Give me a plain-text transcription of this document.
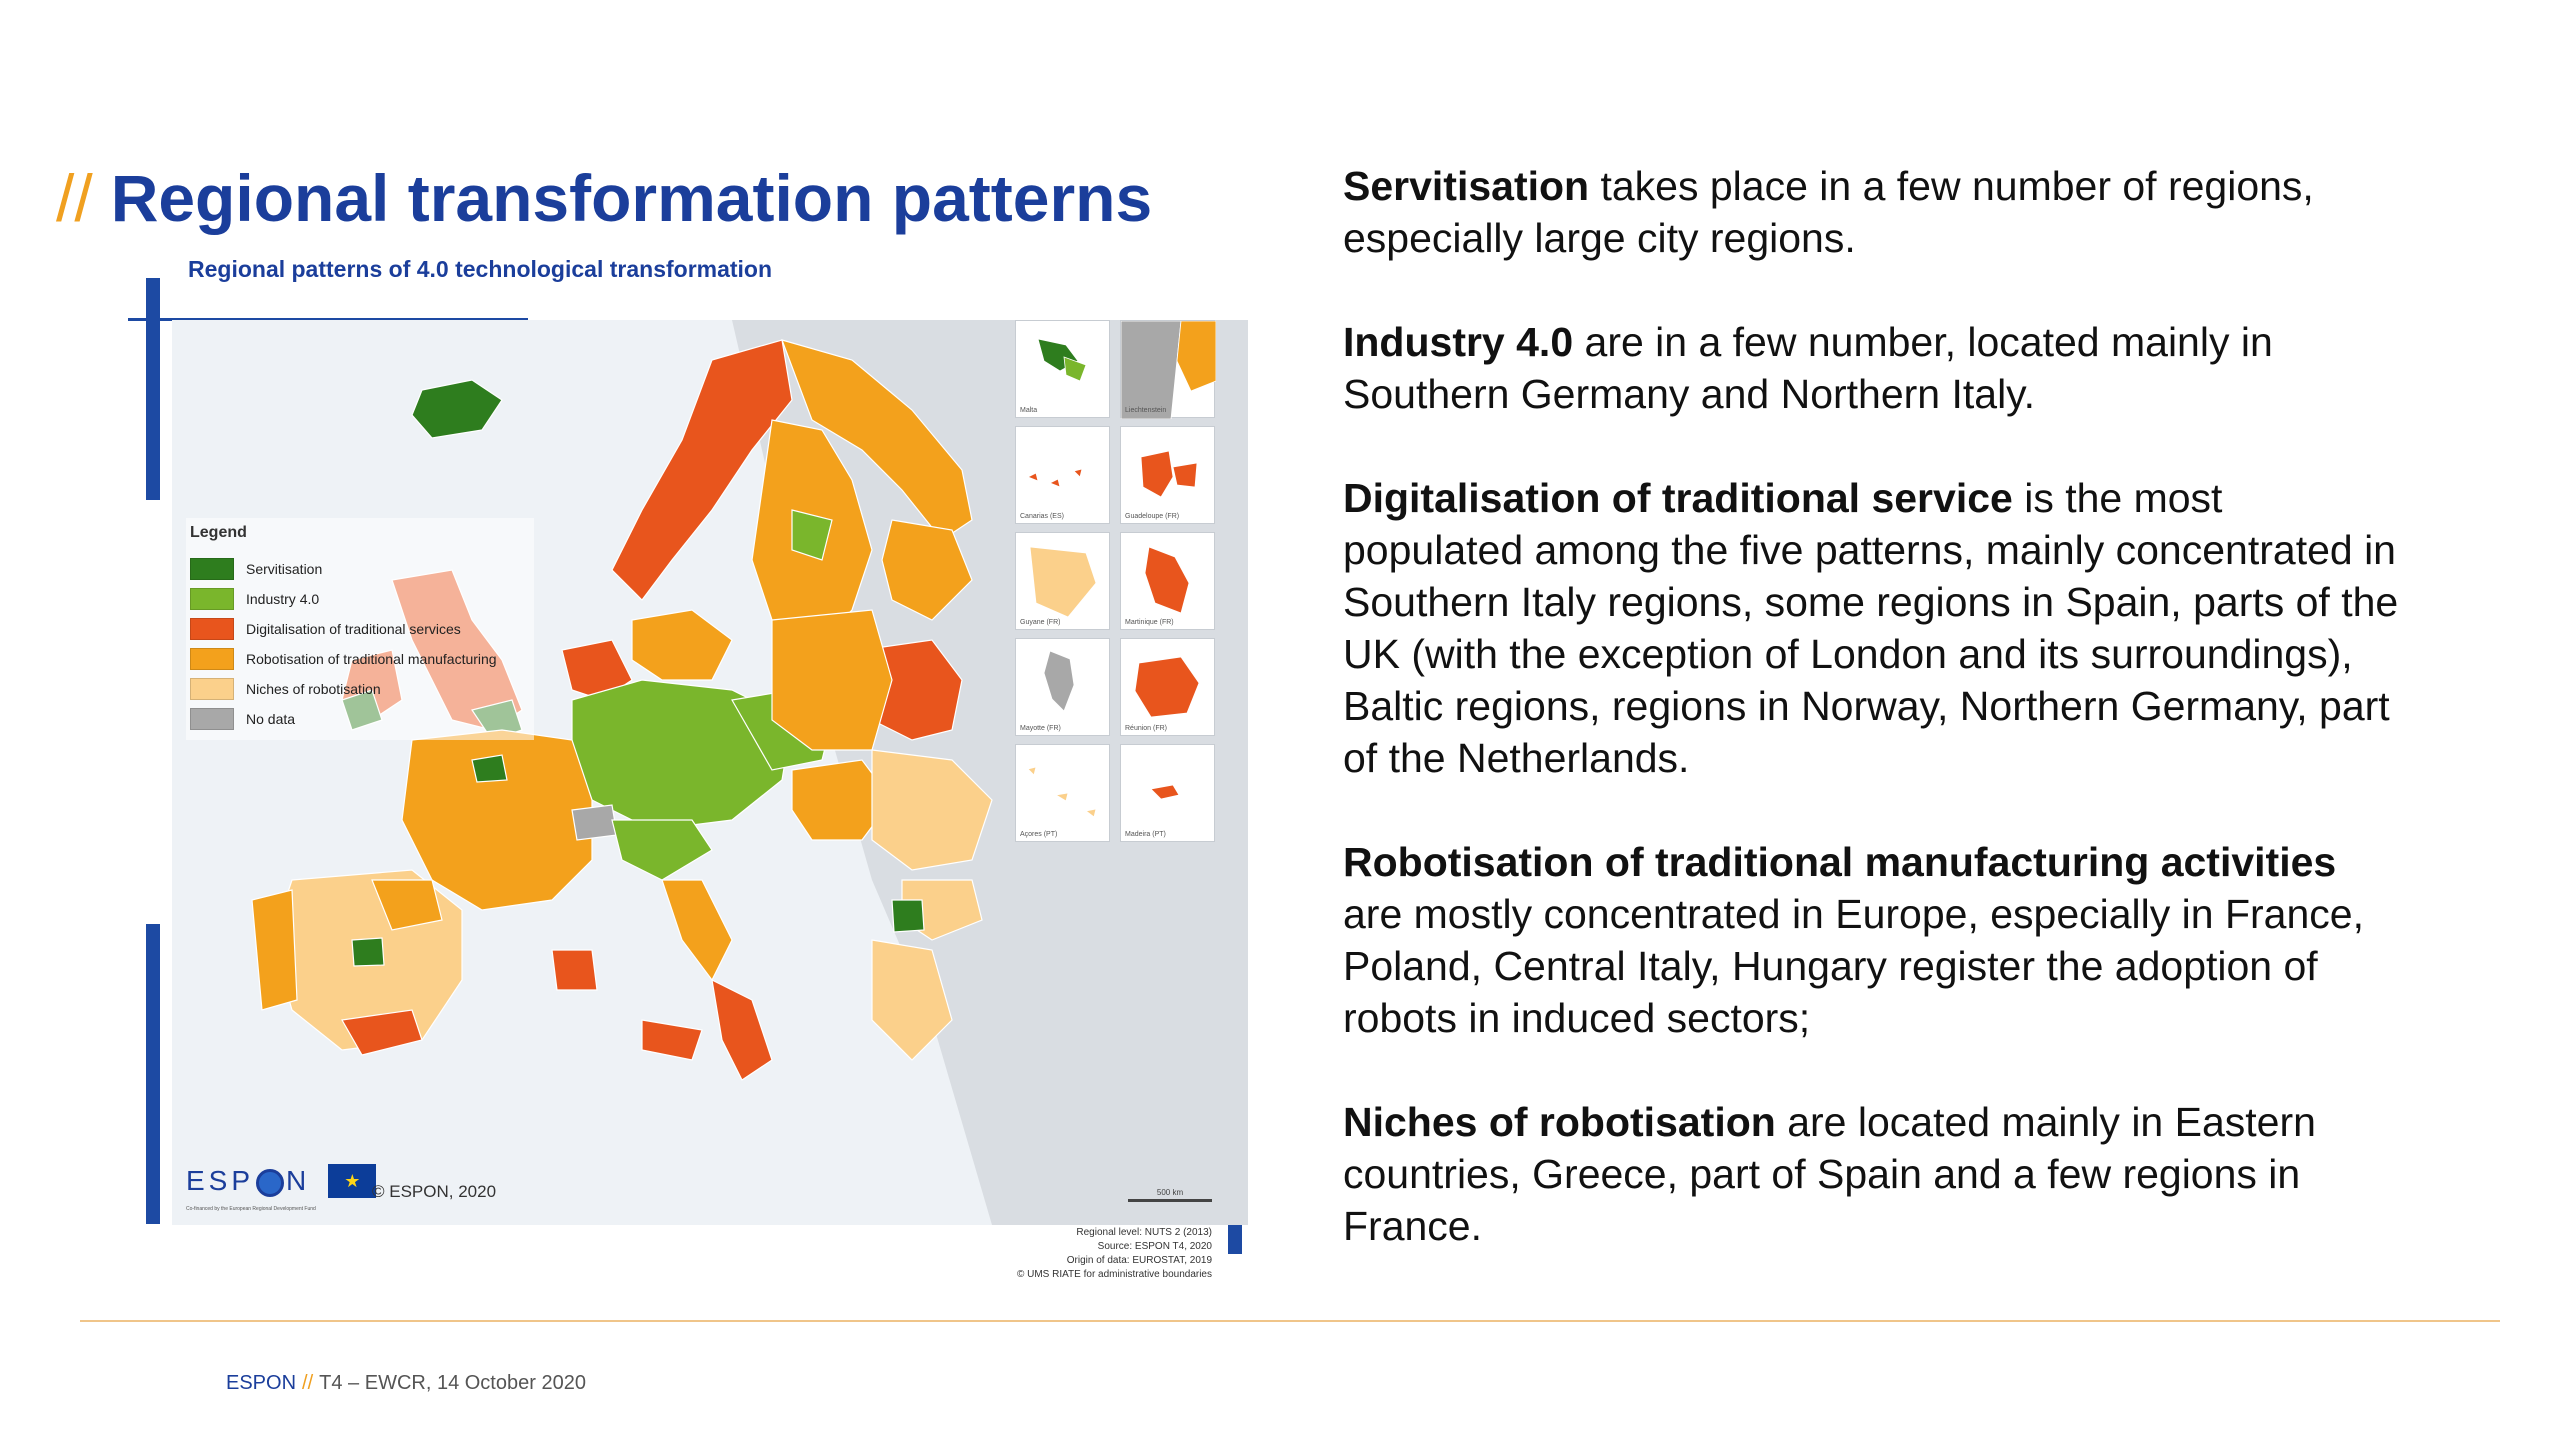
// Regional transformation patterns
Regional patterns of 4.0 technological transformation
Legend
Servitisation
Industry 4.0
Digitalisation of traditional services
Robotisation of traditional manufacturing
Niches of robotisation
No data
Malta	Liechtenstein
Canarias (ES)	Guadeloupe (FR)
Guyane (FR)	Martinique (FR)
Mayotte (FR)	Réunion (FR)
Açores (PT)	Madeira (PT)
ESP N	★
Co-financed by the European Regional Development Fund
© ESPON, 2020	500 km
Regional level: NUTS 2 (2013)
Source: ESPON T4, 2020
Origin of data: EUROSTAT, 2019
© UMS RIATE for administrative boundaries

Servitisation takes place in a few number of regions, especially large city regions.

Industry 4.0 are in a few number, located mainly in Southern Germany and Northern Italy.

Digitalisation of traditional service is the most populated among the five patterns, mainly concentrated in Southern Italy regions, some regions in Spain, parts of the UK (with the exception of London and its surroundings), Baltic regions, regions in Norway, Northern Germany, part of the Netherlands.

Robotisation of traditional manufacturing activities are mostly concentrated in Europe, especially in France, Poland, Central Italy, Hungary register the adoption of robots in induced sectors;

Niches of robotisation are located mainly in Eastern countries, Greece, part of Spain and a few regions in France.

ESPON // T4 – EWCR, 14 October 2020
